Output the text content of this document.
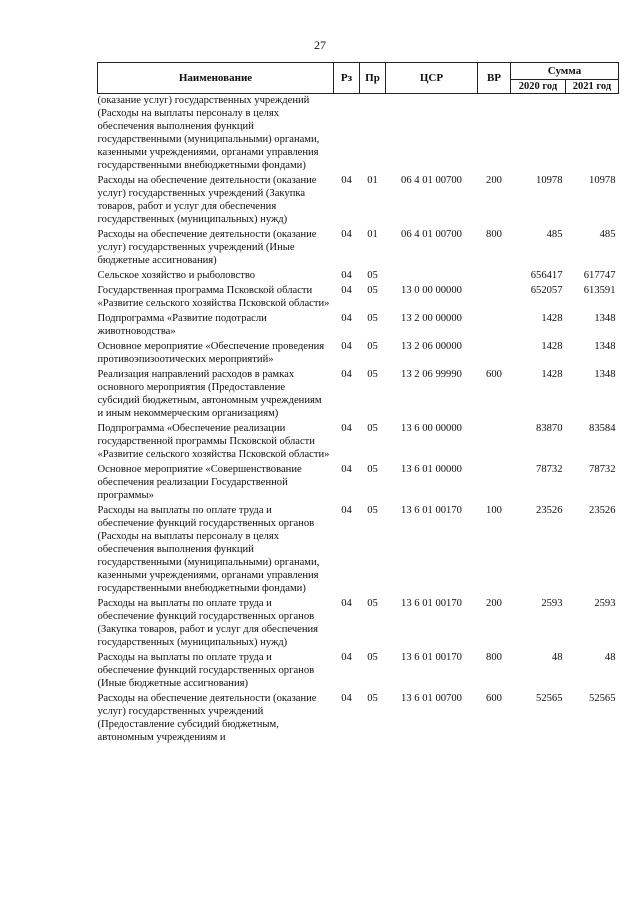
27
Наименование	Рз	Пр	ЦСР	ВР	Сумма	
					2020 год	2021 год
(оказание услуг) государственных учреждений (Расходы на выплаты персоналу в целях обеспечения выполнения функций государственными (муниципальными) органами, казенными учреждениями, органами управления государственными внебюджетными фондами)						
Расходы на обеспечение деятельности (оказание услуг) государственных учреждений (Закупка товаров, работ и услуг для обеспечения государственных (муниципальных) нужд)	04	01	06 4 01 00700	200	10978	10978
Расходы на обеспечение деятельности (оказание услуг) государственных учреждений (Иные бюджетные ассигнования)	04	01	06 4 01 00700	800	485	485
Сельское хозяйство и рыболовство	04	05			656417	617747
Государственная программа Псковской области «Развитие сельского хозяйства Псковской области»	04	05	13 0 00 00000		652057	613591
Подпрограмма «Развитие подотрасли животноводства»	04	05	13 2 00 00000		1428	1348
Основное мероприятие «Обеспечение проведения противоэпизоотических мероприятий»	04	05	13 2 06 00000		1428	1348
Реализация направлений расходов в рамках основного мероприятия (Предоставление субсидий бюджетным, автономным учреждениям и иным некоммерческим организациям)	04	05	13 2 06 99990	600	1428	1348
Подпрограмма «Обеспечение реализации государственной программы Псковской области «Развитие сельского хозяйства Псковской области»	04	05	13 6 00 00000		83870	83584
Основное мероприятие «Совершенствование обеспечения реализации Государственной программы»	04	05	13 6 01 00000		78732	78732
Расходы на выплаты по оплате труда и обеспечение функций государственных органов (Расходы на выплаты персоналу в целях обеспечения выполнения функций государственными (муниципальными) органами, казенными учреждениями, органами управления государственными внебюджетными фондами)	04	05	13 6 01 00170	100	23526	23526
Расходы на выплаты по оплате труда и обеспечение функций государственных органов (Закупка товаров, работ и услуг для обеспечения государственных (муниципальных) нужд)	04	05	13 6 01 00170	200	2593	2593
Расходы на выплаты по оплате труда и обеспечение функций государственных органов (Иные бюджетные ассигнования)	04	05	13 6 01 00170	800	48	48
Расходы на обеспечение деятельности (оказание услуг) государственных учреждений (Предоставление субсидий бюджетным, автономным учреждениям и	04	05	13 6 01 00700	600	52565	52565
